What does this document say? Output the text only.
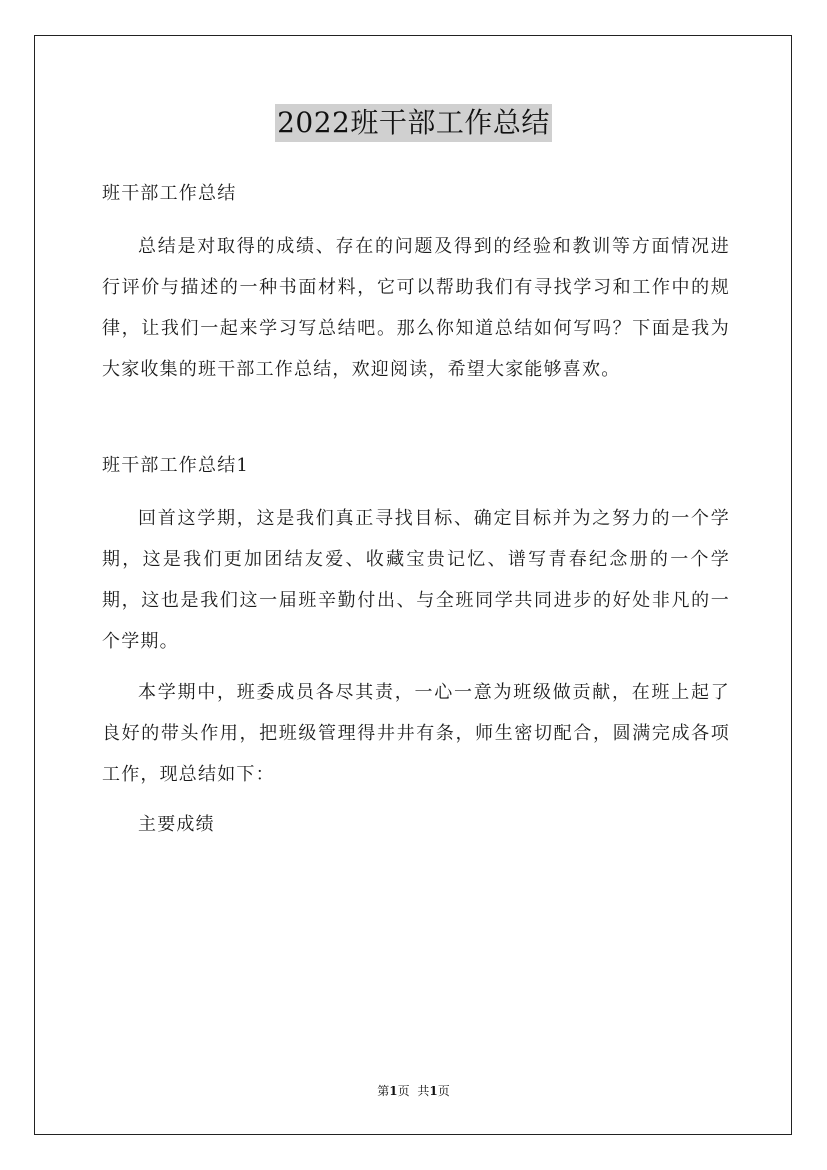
2022班干部工作总结

班干部工作总结

总结是对取得的成绩、存在的问题及得到的经验和教训等方面情况进行评价与描述的一种书面材料，它可以帮助我们有寻找学习和工作中的规律，让我们一起来学习写总结吧。那么你知道总结如何写吗？下面是我为大家收集的班干部工作总结，欢迎阅读，希望大家能够喜欢。

班干部工作总结1

回首这学期，这是我们真正寻找目标、确定目标并为之努力的一个学期，这是我们更加团结友爱、收藏宝贵记忆、谱写青春纪念册的一个学期，这也是我们这一届班辛勤付出、与全班同学共同进步的好处非凡的一个学期。

本学期中，班委成员各尽其责，一心一意为班级做贡献，在班上起了良好的带头作用，把班级管理得井井有条，师生密切配合，圆满完成各项工作，现总结如下：

主要成绩

第1页 共1页
